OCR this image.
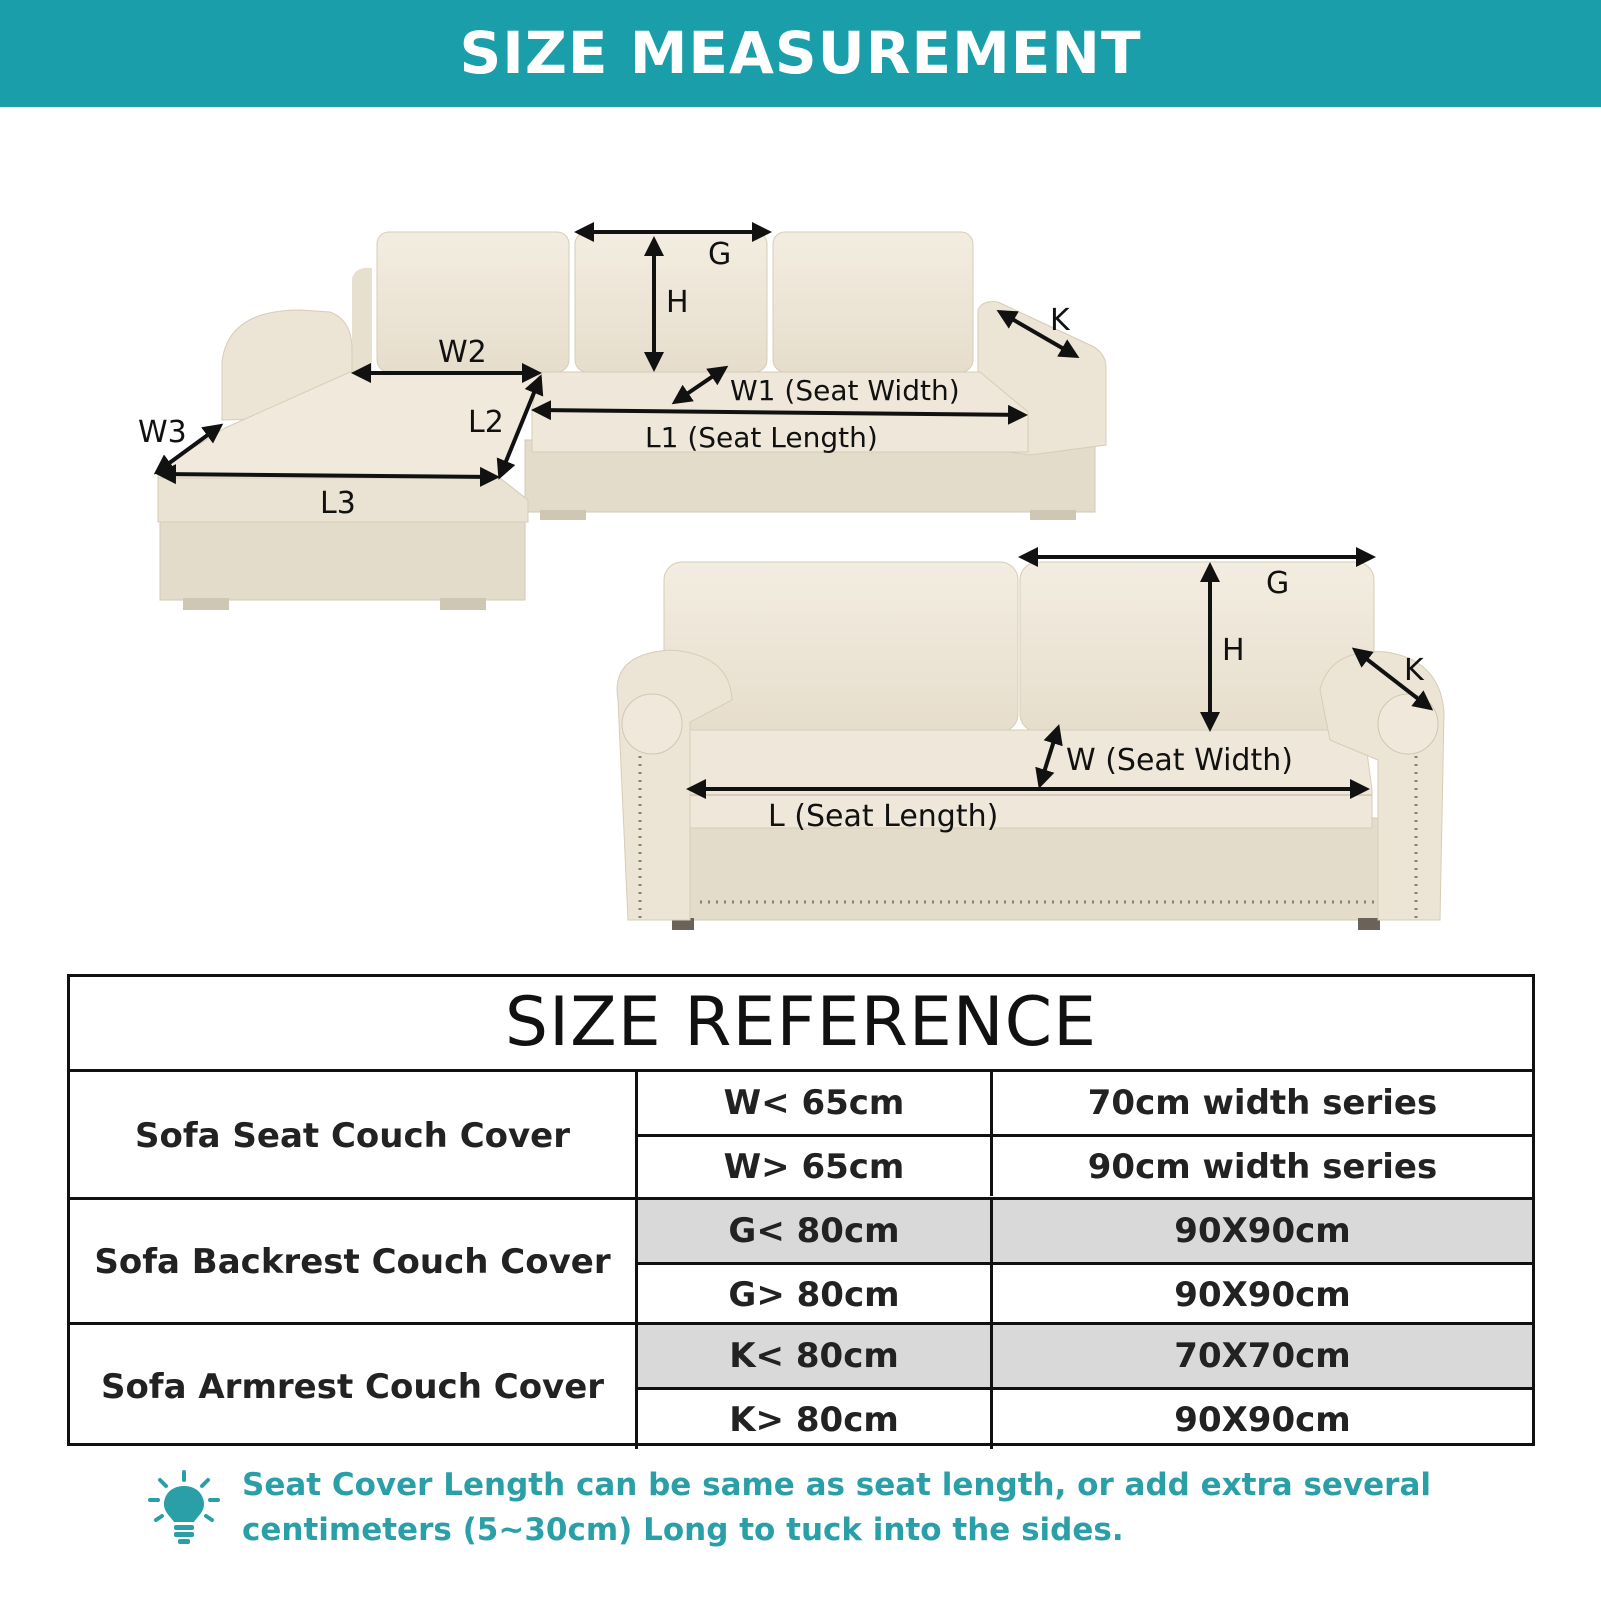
SIZE MEASUREMENT
G
H
K
W2
W1 (Seat Width)
L1 (Seat Length)
W3	L2
L3
G
H
K
W (Seat Width)
L (Seat Length)
SIZE REFERENCE
Sofa Seat Couch Cover
W< 65cm	70cm width series
W> 65cm	90cm width series
Sofa Backrest Couch Cover
G< 80cm	90X90cm
G> 80cm	90X90cm
Sofa Armrest Couch Cover
K< 80cm	70X70cm
K> 80cm	90X90cm
Seat Cover Length can be same as seat length, or add extra several
centimeters (5~30cm) Long to tuck into the sides.
